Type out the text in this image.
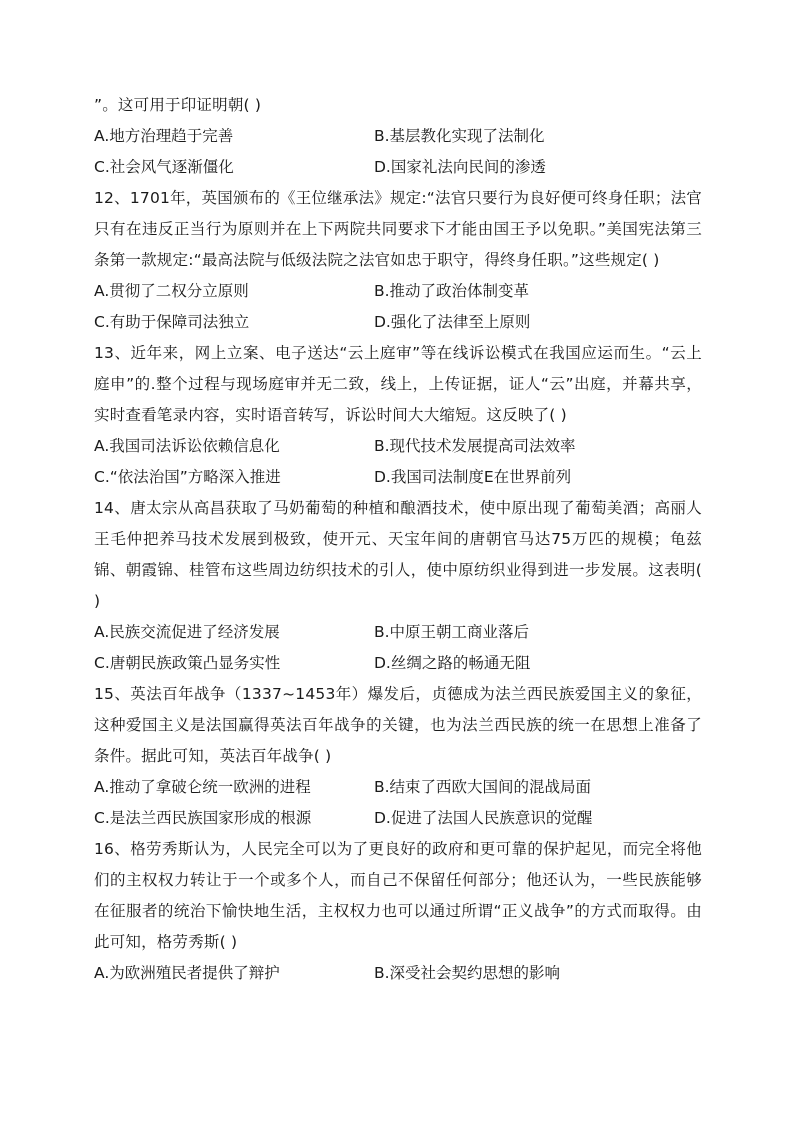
”。这可用于印证明朝( )

A.地方治理趋于完善	B.基层教化实现了法制化
C.社会风气逐渐僵化	D.国家礼法向民间的渗透

12、1701年，英国颁布的《王位继承法》规定:“法官只要行为良好便可终身任职；法官只有在违反正当行为原则并在上下两院共同要求下才能由国王予以免职。”美国宪法第三条第一款规定:“最高法院与低级法院之法官如忠于职守，得终身任职。”这些规定( )

A.贯彻了二权分立原则	B.推动了政治体制变革
C.有助于保障司法独立	D.强化了法律至上原则

13、近年来，网上立案、电子送达“云上庭审”等在线诉讼模式在我国应运而生。“云上庭申”的.整个过程与现场庭审并无二致，线上，上传证据，证人“云”出庭，并幕共享，实时查看笔录内容，实时语音转写，诉讼时间大大缩短。这反映了( )

A.我国司法诉讼依赖信息化	B.现代技术发展提高司法效率
C.“依法治国”方略深入推进	D.我国司法制度E在世界前列

14、唐太宗从高昌获取了马奶葡萄的种植和酿酒技术，使中原出现了葡萄美酒；高丽人王毛仲把养马技术发展到极致，使开元、天宝年间的唐朝官马达75万匹的规模；龟兹锦、朝霞锦、桂管布这些周边纺织技术的引人，使中原纺织业得到进一步发展。这表明( )

A.民族交流促进了经济发展	B.中原王朝工商业落后
C.唐朝民族政策凸显务实性	D.丝绸之路的畅通无阻

15、英法百年战争（1337~1453年）爆发后，贞德成为法兰西民族爱国主义的象征，这种爱国主义是法国赢得英法百年战争的关键，也为法兰西民族的统一在思想上准备了条件。据此可知，英法百年战争( )

A.推动了拿破仑统一欧洲的进程	B.结束了西欧大国间的混战局面
C.是法兰西民族国家形成的根源	D.促进了法国人民族意识的觉醒

16、格劳秀斯认为，人民完全可以为了更良好的政府和更可靠的保护起见，而完全将他们的主权权力转让于一个或多个人，而自己不保留任何部分；他还认为，一些民族能够在征服者的统治下愉快地生活，主权权力也可以通过所谓“正义战争”的方式而取得。由此可知，格劳秀斯( )

A.为欧洲殖民者提供了辩护	B.深受社会契约思想的影响
